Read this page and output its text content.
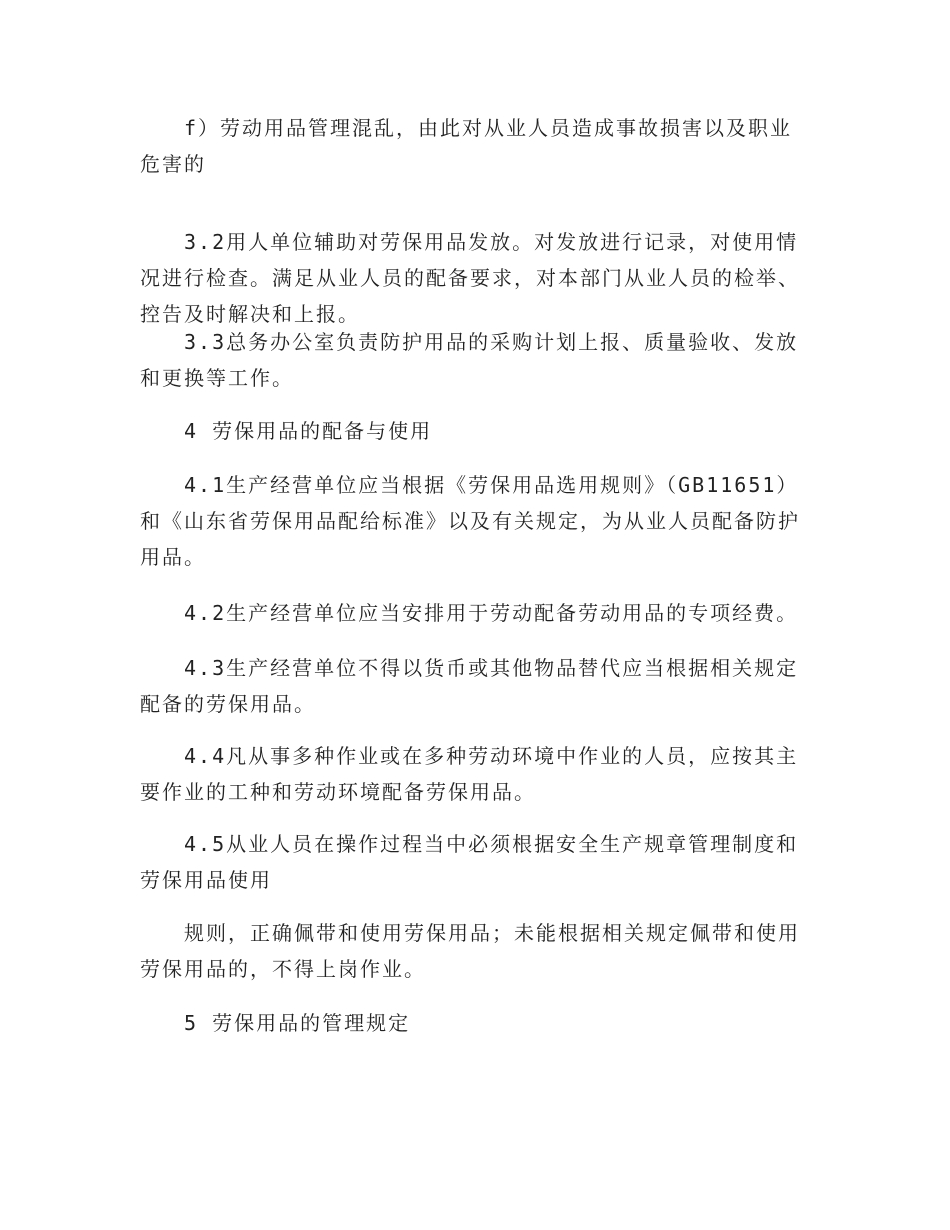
f）劳动用品管理混乱，由此对从业人员造成事故损害以及职业危害的

3.2用人单位辅助对劳保用品发放。对发放进行记录，对使用情况进行检查。满足从业人员的配备要求，对本部门从业人员的检举、控告及时解决和上报。

3.3总务办公室负责防护用品的采购计划上报、质量验收、发放和更换等工作。

4 劳保用品的配备与使用

4.1生产经营单位应当根据《劳保用品选用规则》（GB11651）和《山东省劳保用品配给标准》以及有关规定，为从业人员配备防护用品。

4.2生产经营单位应当安排用于劳动配备劳动用品的专项经费。

4.3生产经营单位不得以货币或其他物品替代应当根据相关规定配备的劳保用品。

4.4凡从事多种作业或在多种劳动环境中作业的人员，应按其主要作业的工种和劳动环境配备劳保用品。

4.5从业人员在操作过程当中必须根据安全生产规章管理制度和劳保用品使用

规则，正确佩带和使用劳保用品；未能根据相关规定佩带和使用劳保用品的，不得上岗作业。

5 劳保用品的管理规定
